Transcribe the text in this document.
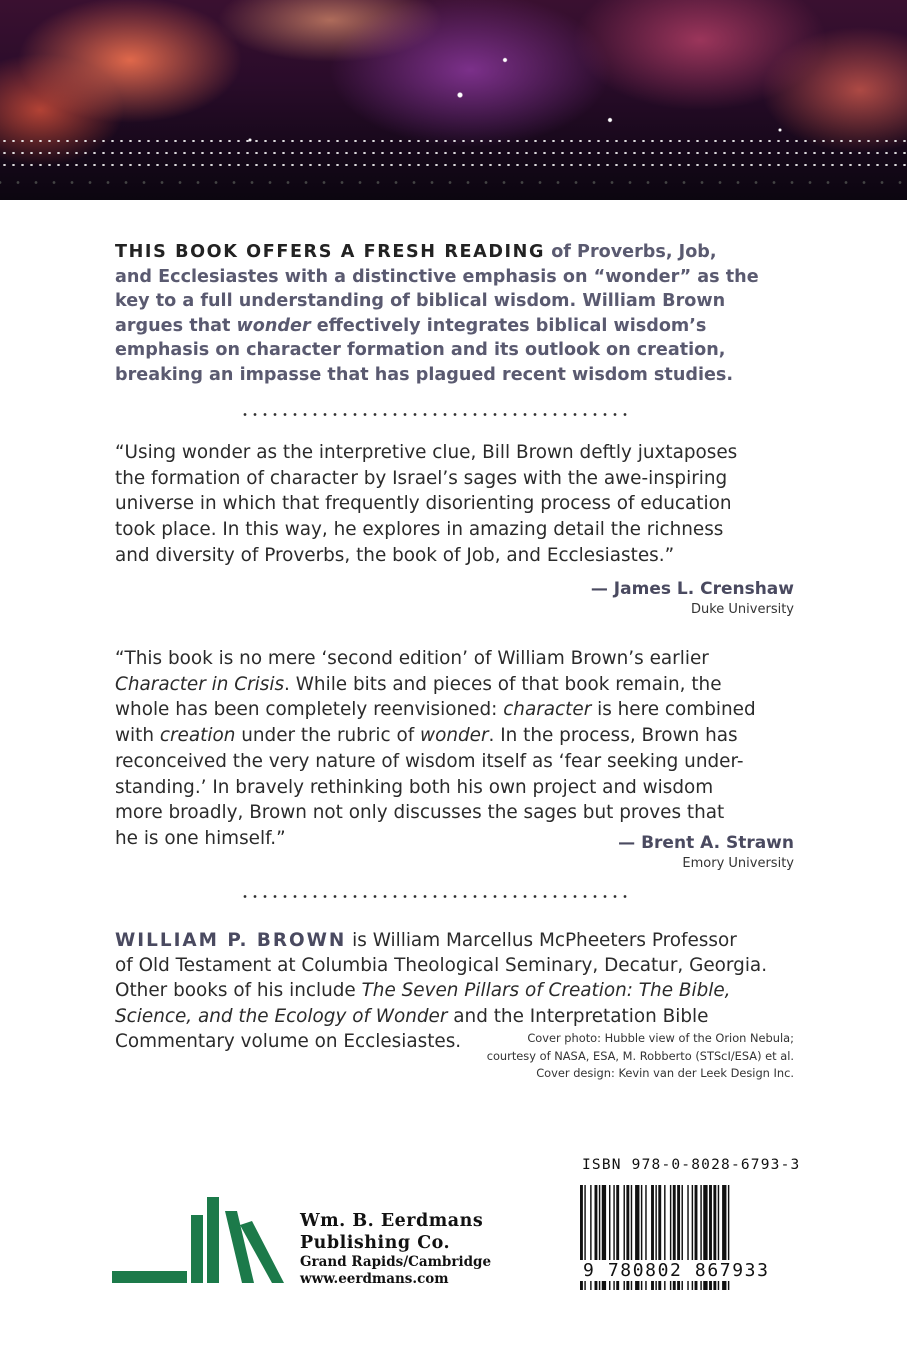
THIS BOOK OFFERS A FRESH READING of Proverbs, Job,
and Ecclesiastes with a distinctive emphasis on “wonder” as the
key to a full understanding of biblical wisdom. William Brown
argues that wonder effectively integrates biblical wisdom’s
emphasis on character formation and its outlook on creation,
breaking an impasse that has plagued recent wisdom studies.
“Using wonder as the interpretive clue, Bill Brown deftly juxtaposes
the formation of character by Israel’s sages with the awe-inspiring
universe in which that frequently disorienting process of education
took place. In this way, he explores in amazing detail the richness
and diversity of Proverbs, the book of Job, and Ecclesiastes.”
— James L. Crenshaw
Duke University
“This book is no mere ‘second edition’ of William Brown’s earlier
Character in Crisis. While bits and pieces of that book remain, the
whole has been completely reenvisioned: character is here combined
with creation under the rubric of wonder. In the process, Brown has
reconceived the very nature of wisdom itself as ‘fear seeking under-
standing.’ In bravely rethinking both his own project and wisdom
more broadly, Brown not only discusses the sages but proves that
he is one himself.”	— Brent A. Strawn
Emory University
WILLIAM P. BROWN is William Marcellus McPheeters Professor
of Old Testament at Columbia Theological Seminary, Decatur, Georgia.
Other books of his include The Seven Pillars of Creation: The Bible,
Science, and the Ecology of Wonder and the Interpretation Bible
Commentary volume on Ecclesiastes.	Cover photo: Hubble view of the Orion Nebula;
courtesy of NASA, ESA, M. Robberto (STScI/ESA) et al.
Cover design: Kevin van der Leek Design Inc.
ISBN 978-0-8028-6793-3
9 780802 867933
Wm. B. Eerdmans
Publishing Co.
Grand Rapids/Cambridge
www.eerdmans.com
